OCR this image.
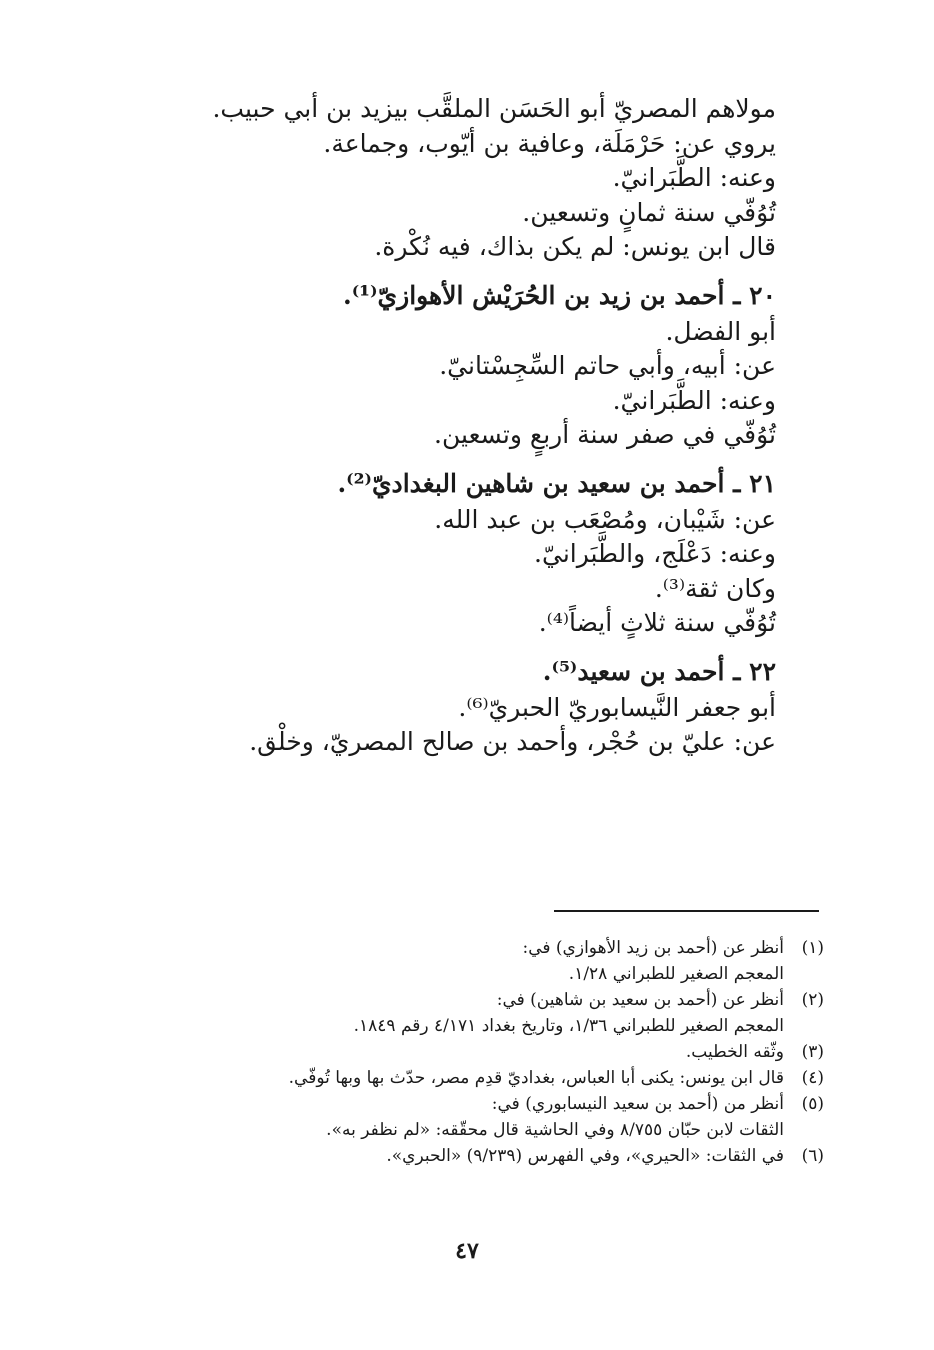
مولاهم المصريّ أبو الحَسَن الملقَّب بيزيد بن أبي حبيب.
يروي عن: حَرْمَلَة، وعافية بن أيّوب، وجماعة.
وعنه: الطَّبَرانيّ.
تُوُفّي سنة ثمانٍ وتسعين.
قال ابن يونس: لم يكن بذاك، فيه نُكْرة.
٢٠ ـ أحمد بن زيد بن الحُرَيْش الأهوازيّ⁽¹⁾.
أبو الفضل.
عن: أبيه، وأبي حاتم السِّجِسْتانيّ.
وعنه: الطَّبَرانيّ.
تُوُفّي في صفر سنة أربعٍ وتسعين.
٢١ ـ أحمد بن سعيد بن شاهين البغداديّ⁽²⁾.
عن: شَيْبان، ومُصْعَب بن عبد الله.
وعنه: دَعْلَج، والطَّبَرانيّ.
وكان ثقة⁽³⁾.
تُوُفّي سنة ثلاثٍ أيضاً⁽⁴⁾.
٢٢ ـ أحمد بن سعيد⁽⁵⁾.
أبو جعفر النَّيسابوريّ الحبريّ⁽⁶⁾.
عن: عليّ بن حُجْر، وأحمد بن صالح المصريّ، وخلْق.
(١)أنظر عن (أحمد بن زيد الأهوازي) في:
المعجم الصغير للطبراني ١/٢٨.
(٢)أنظر عن (أحمد بن سعيد بن شاهين) في:
المعجم الصغير للطبراني ١/٣٦، وتاريخ بغداد ٤/١٧١ رقم ١٨٤٩.
(٣)وثّقه الخطيب.
(٤)قال ابن يونس: يكنى أبا العباس، بغداديّ قدِم مصر، حدّث بها وبها تُوفّي.
(٥)أنظر من (أحمد بن سعيد النيسابوري) في:
الثقات لابن حبّان ٨/٧٥٥ وفي الحاشية قال محقّقه: «لم نظفر به».
(٦)في الثقات: «الحيري»، وفي الفهرس (٩/٢٣٩) «الحبري».
٤٧
